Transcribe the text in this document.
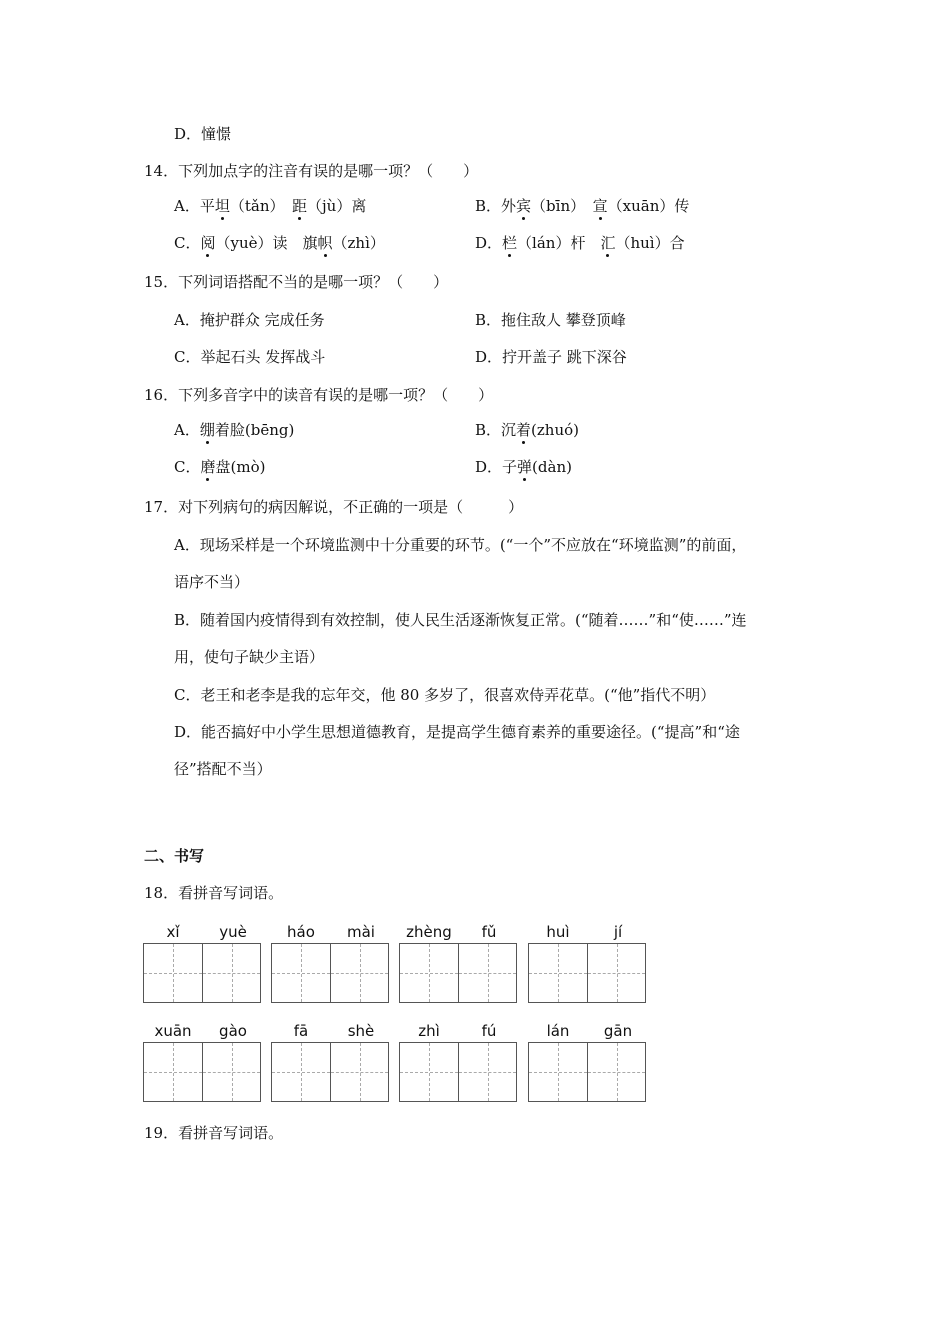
D．憧憬
14．下列加点字的注音有误的是哪一项？（　　）
A．平坦（tǎn）　距（jù）离	B．外宾（bīn）　宣（xuān）传
C．阅（yuè）读　旗帜（zhì）	D．栏（lán）杆　汇（huì）合
15．下列词语搭配不当的是哪一项？（　　）
A．掩护群众 完成任务	B．拖住敌人 攀登顶峰
C．举起石头 发挥战斗	D．拧开盖子 跳下深谷
16．下列多音字中的读音有误的是哪一项？（　　）
A．绷着脸(bēng)	B．沉着(zhuó)
C．磨盘(mò)	D．子弹(dàn)
17．对下列病句的病因解说，不正确的一项是（　　　）
A．现场采样是一个环境监测中十分重要的环节。(“一个”不应放在“环境监测”的前面，
语序不当）
B．随着国内疫情得到有效控制，使人民生活逐渐恢复正常。(“随着……”和“使……”连
用，使句子缺少主语）
C．老王和老李是我的忘年交，他 80 多岁了，很喜欢侍弄花草。(“他”指代不明）
D．能否搞好中小学生思想道德教育，是提高学生德育素养的重要途径。(“提高”和“途
径”搭配不当）
二、书写
18．看拼音写词语。
xǐ	yuè	háo	mài	zhèng	fǔ	huì	jí
xuān	gào	fā	shè	zhì	fú	lán	gān
19．看拼音写词语。
